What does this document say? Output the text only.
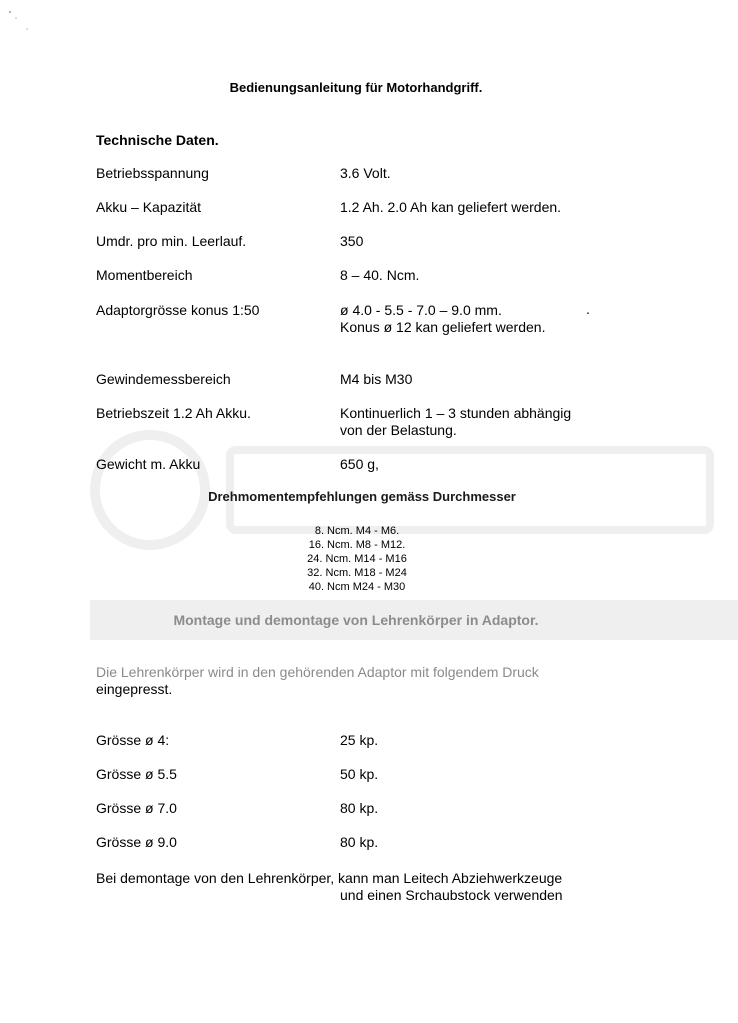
Bedienungsanleitung für Motorhandgriff.
Technische Daten.
Betriebsspannung	3.6 Volt.
Akku – Kapazität	1.2 Ah. 2.0 Ah kan geliefert werden.
Umdr. pro min. Leerlauf.	350
Momentbereich	8 – 40. Ncm.
Adaptorgrösse konus 1:50	ø 4.0 - 5.5 - 7.0 – 9.0 mm.
Konus ø 12 kan geliefert werden.
.
Gewindemessbereich	M4 bis M30
Betriebszeit 1.2 Ah Akku.	Kontinuerlich 1 – 3 stunden abhängig
von der Belastung.
Gewicht m. Akku	650 g,
Drehmomentempfehlungen gemäss Durchmesser
8. Ncm. M4 - M6.
16. Ncm. M8 - M12.
24. Ncm. M14 - M16
32. Ncm. M18 - M24
40. Ncm M24 - M30
Montage und demontage von Lehrenkörper in Adaptor.
Die Lehrenkörper wird in den gehörenden Adaptor mit folgendem Druck
eingepresst.
Grösse ø 4:	25 kp.
Grösse ø 5.5	50 kp.
Grösse ø 7.0	80 kp.
Grösse ø 9.0	80 kp.
Bei demontage von den Lehrenkörper, kann man Leitech Abziehwerkzeuge
und einen Srchaubstock verwenden
